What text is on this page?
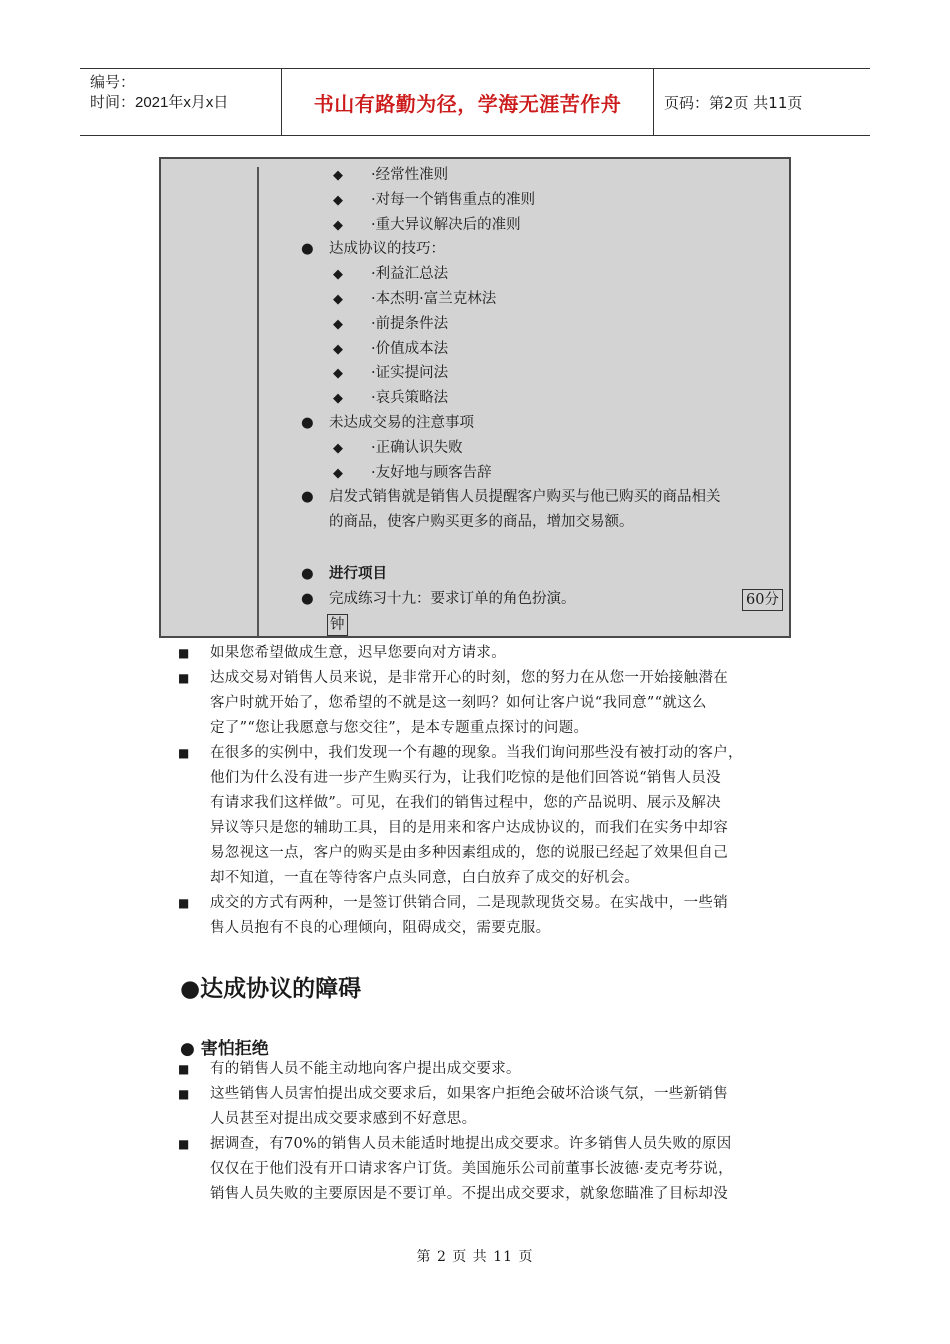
编号：
时间：2021年x月x日	书山有路勤为径，学海无涯苦作舟	页码：第2页 共11页
● 进行项目
● 完成练习十九：要求订单的角色扮演。	60分
钟
◆ ·经常性准则
◆ ·对每一个销售重点的准则
◆ ·重大异议解决后的准则
● 达成协议的技巧：
◆ ·利益汇总法
◆ ·本杰明·富兰克林法
◆ ·前提条件法
◆ ·价值成本法
◆ ·证实提问法
◆ ·哀兵策略法
● 未达成交易的注意事项
◆ ·正确认识失败
◆ ·友好地与顾客告辞
● 启发式销售就是销售人员提醒客户购买与他已购买的商品相关
的商品，使客户购买更多的商品，增加交易额。
■ 如果您希望做成生意，迟早您要向对方请求。
■ 达成交易对销售人员来说，是非常开心的时刻，您的努力在从您一开始接触潜在
客户时就开始了，您希望的不就是这一刻吗？如何让客户说“我同意”“就这么
定了”“您让我愿意与您交往”，是本专题重点探讨的问题。
■ 在很多的实例中，我们发现一个有趣的现象。当我们询问那些没有被打动的客户，
他们为什么没有进一步产生购买行为，让我们吃惊的是他们回答说“销售人员没
有请求我们这样做”。可见，在我们的销售过程中，您的产品说明、展示及解决
异议等只是您的辅助工具，目的是用来和客户达成协议的，而我们在实务中却容
易忽视这一点，客户的购买是由多种因素组成的，您的说服已经起了效果但自己
却不知道，一直在等待客户点头同意，白白放弃了成交的好机会。
■ 成交的方式有两种，一是签订供销合同，二是现款现货交易。在实战中，一些销
售人员抱有不良的心理倾向，阻碍成交，需要克服。
●达成协议的障碍
● 害怕拒绝
■ 有的销售人员不能主动地向客户提出成交要求。
■ 这些销售人员害怕提出成交要求后，如果客户拒绝会破坏洽谈气氛，一些新销售
人员甚至对提出成交要求感到不好意思。
■ 据调查，有70%的销售人员未能适时地提出成交要求。许多销售人员失败的原因
仅仅在于他们没有开口请求客户订货。美国施乐公司前董事长波德·麦克考芬说，
销售人员失败的主要原因是不要订单。不提出成交要求，就象您瞄准了目标却没
第 2 页 共 11 页
